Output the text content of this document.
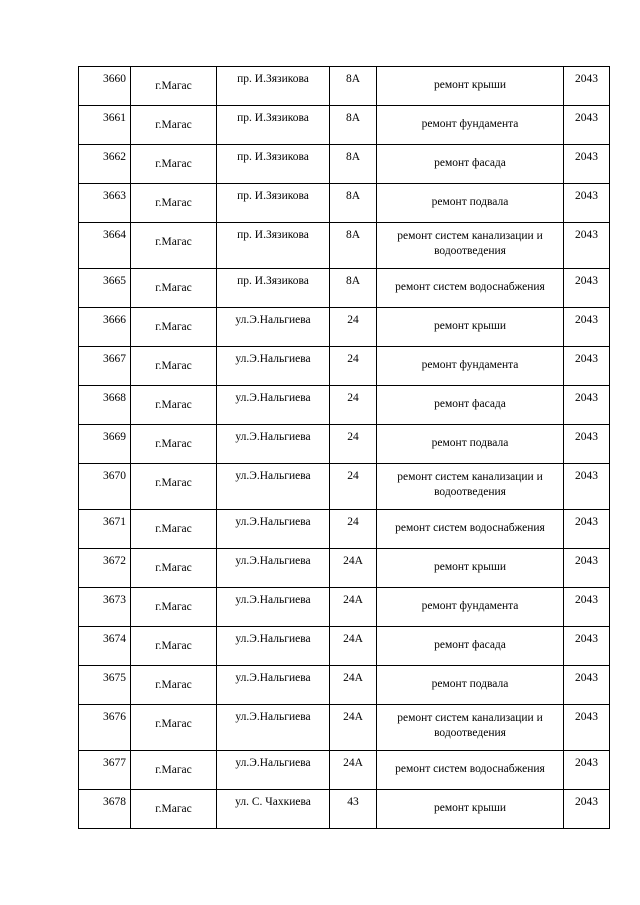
3660	г.Магас	пр. И.Зязикова	8А	ремонт крыши	2043
3661	г.Магас	пр. И.Зязикова	8А	ремонт фундамента	2043
3662	г.Магас	пр. И.Зязикова	8А	ремонт фасада	2043
3663	г.Магас	пр. И.Зязикова	8А	ремонт подвала	2043
3664	г.Магас	пр. И.Зязикова	8А	ремонт систем канализации и водоотведения	2043
3665	г.Магас	пр. И.Зязикова	8А	ремонт систем водоснабжения	2043
3666	г.Магас	ул.Э.Нальгиева	24	ремонт крыши	2043
3667	г.Магас	ул.Э.Нальгиева	24	ремонт фундамента	2043
3668	г.Магас	ул.Э.Нальгиева	24	ремонт фасада	2043
3669	г.Магас	ул.Э.Нальгиева	24	ремонт подвала	2043
3670	г.Магас	ул.Э.Нальгиева	24	ремонт систем канализации и водоотведения	2043
3671	г.Магас	ул.Э.Нальгиева	24	ремонт систем водоснабжения	2043
3672	г.Магас	ул.Э.Нальгиева	24А	ремонт крыши	2043
3673	г.Магас	ул.Э.Нальгиева	24А	ремонт фундамента	2043
3674	г.Магас	ул.Э.Нальгиева	24А	ремонт фасада	2043
3675	г.Магас	ул.Э.Нальгиева	24А	ремонт подвала	2043
3676	г.Магас	ул.Э.Нальгиева	24А	ремонт систем канализации и водоотведения	2043
3677	г.Магас	ул.Э.Нальгиева	24А	ремонт систем водоснабжения	2043
3678	г.Магас	ул. С. Чахкиева	43	ремонт крыши	2043
